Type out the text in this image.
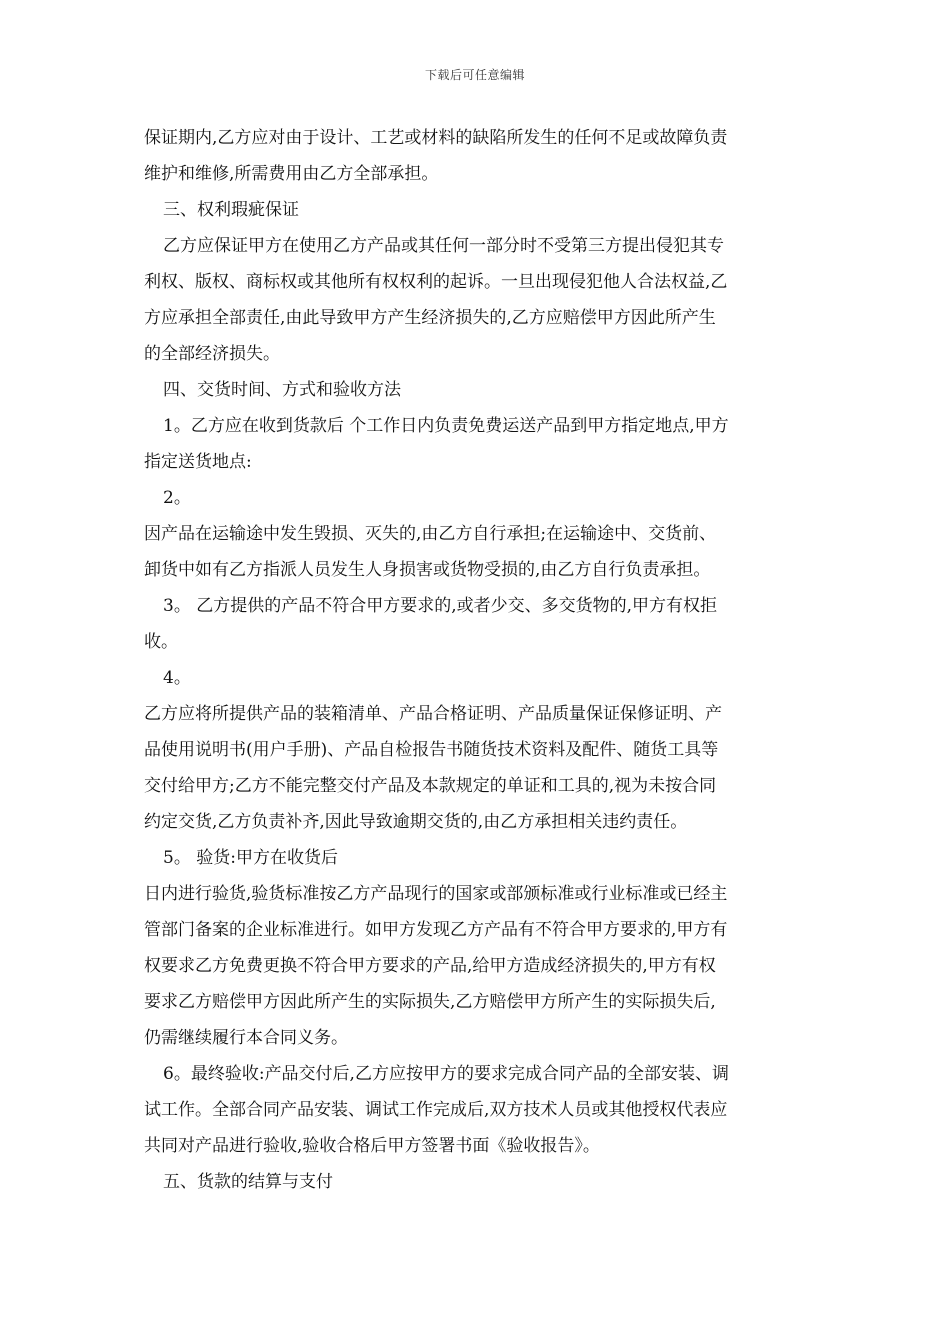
下载后可任意编辑
保证期内,乙方应对由于设计、工艺或材料的缺陷所发生的任何不足或故障负责
维护和维修,所需费用由乙方全部承担。
三、权利瑕疵保证
乙方应保证甲方在使用乙方产品或其任何一部分时不受第三方提出侵犯其专
利权、版权、商标权或其他所有权权利的起诉。一旦出现侵犯他人合法权益,乙
方应承担全部责任,由此导致甲方产生经济损失的,乙方应赔偿甲方因此所产生
的全部经济损失。
四、交货时间、方式和验收方法
1。乙方应在收到货款后 个工作日内负责免费运送产品到甲方指定地点,甲方
指定送货地点:
2。
因产品在运输途中发生毁损、灭失的,由乙方自行承担;在运输途中、交货前、
卸货中如有乙方指派人员发生人身损害或货物受损的,由乙方自行负责承担。
3。 乙方提供的产品不符合甲方要求的,或者少交、多交货物的,甲方有权拒
收。
4。
乙方应将所提供产品的装箱清单、产品合格证明、产品质量保证保修证明、产
品使用说明书(用户手册)、产品自检报告书随货技术资料及配件、随货工具等
交付给甲方;乙方不能完整交付产品及本款规定的单证和工具的,视为未按合同
约定交货,乙方负责补齐,因此导致逾期交货的,由乙方承担相关违约责任。
5。 验货:甲方在收货后
日内进行验货,验货标准按乙方产品现行的国家或部颁标准或行业标准或已经主
管部门备案的企业标准进行。如甲方发现乙方产品有不符合甲方要求的,甲方有
权要求乙方免费更换不符合甲方要求的产品,给甲方造成经济损失的,甲方有权
要求乙方赔偿甲方因此所产生的实际损失,乙方赔偿甲方所产生的实际损失后,
仍需继续履行本合同义务。
6。最终验收:产品交付后,乙方应按甲方的要求完成合同产品的全部安装、调
试工作。全部合同产品安装、调试工作完成后,双方技术人员或其他授权代表应
共同对产品进行验收,验收合格后甲方签署书面《验收报告》。
五、货款的结算与支付
